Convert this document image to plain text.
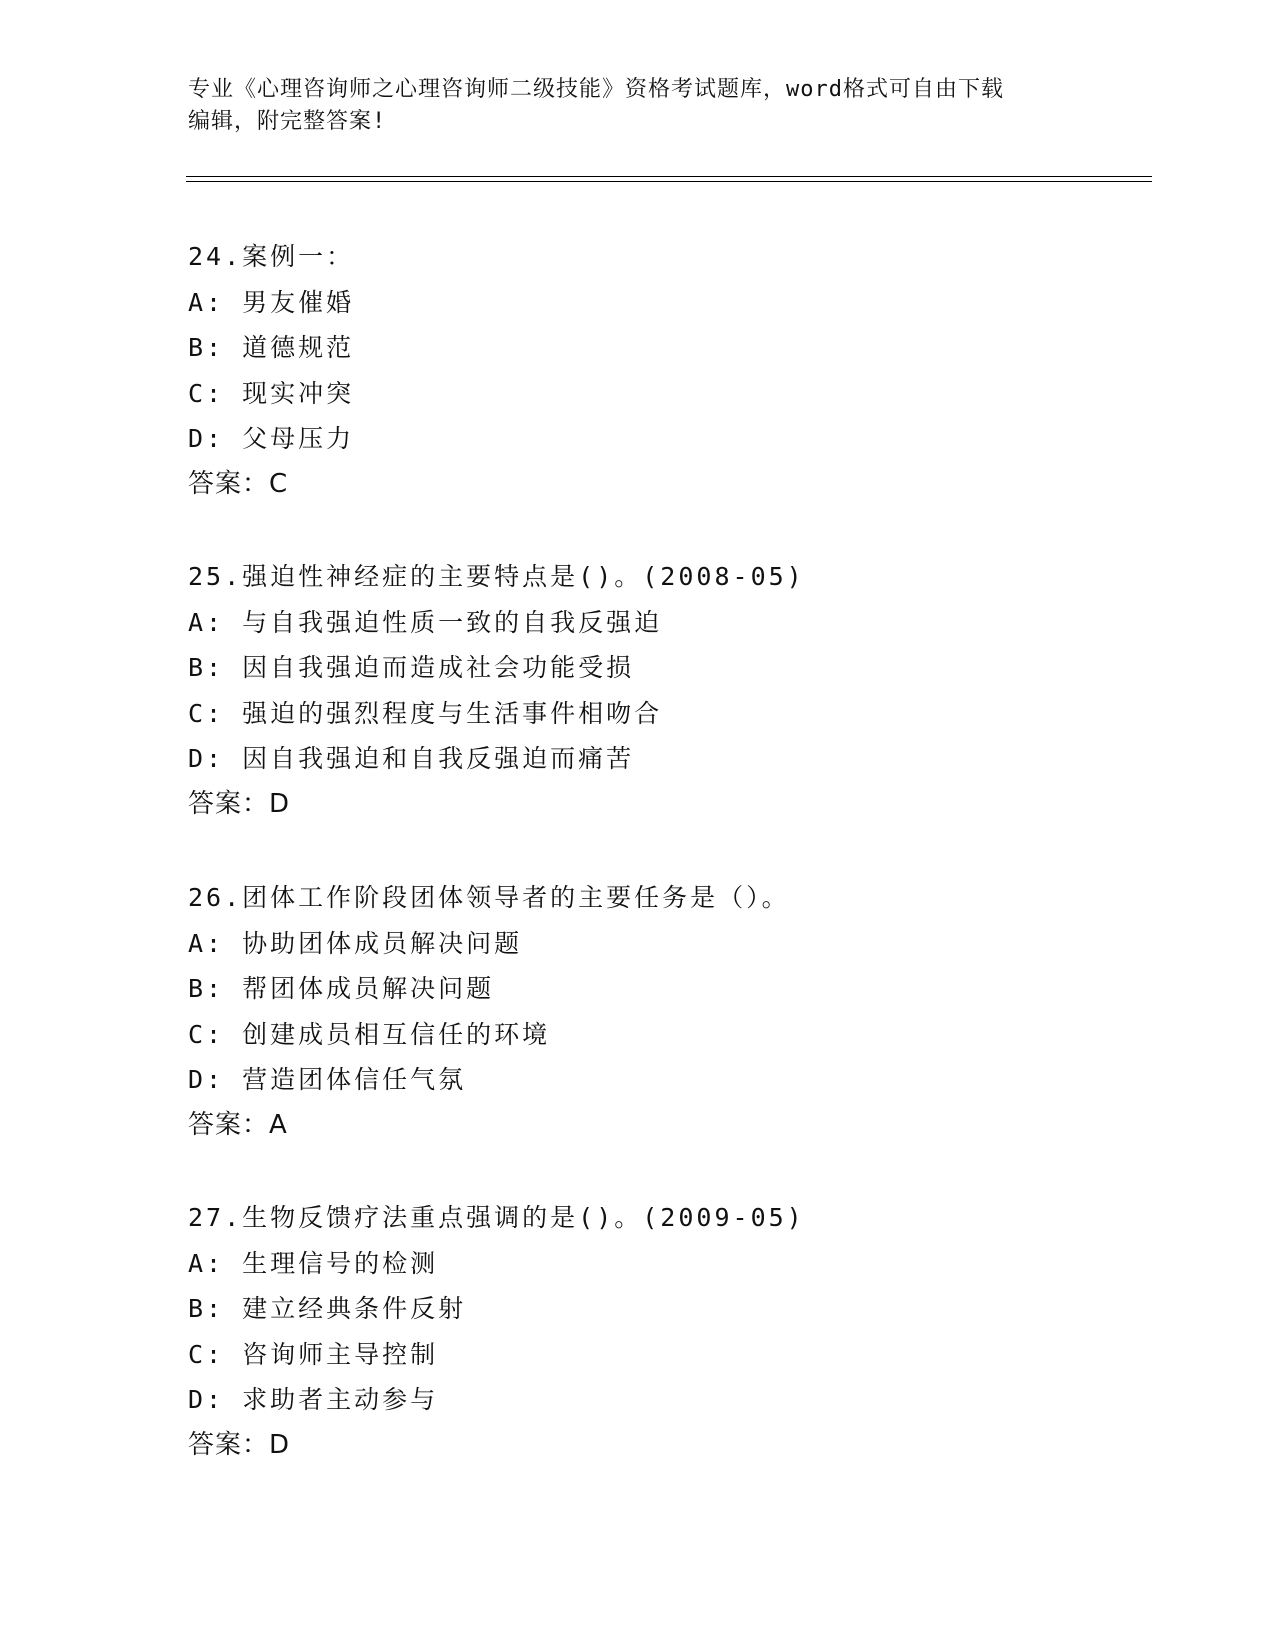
专业《心理咨询师之心理咨询师二级技能》资格考试题库，word格式可自由下载
编辑，附完整答案!
24.案例一：
A: 男友催婚
B: 道德规范
C: 现实冲突
D: 父母压力
答案：C
25.强迫性神经症的主要特点是()。(2008-05)
A: 与自我强迫性质一致的自我反强迫
B: 因自我强迫而造成社会功能受损
C: 强迫的强烈程度与生活事件相吻合
D: 因自我强迫和自我反强迫而痛苦
答案：D
26.团体工作阶段团体领导者的主要任务是（）。
A: 协助团体成员解决问题
B: 帮团体成员解决问题
C: 创建成员相互信任的环境
D: 营造团体信任气氛
答案：A
27.生物反馈疗法重点强调的是()。(2009-05)
A: 生理信号的检测
B: 建立经典条件反射
C: 咨询师主导控制
D: 求助者主动参与
答案：D
